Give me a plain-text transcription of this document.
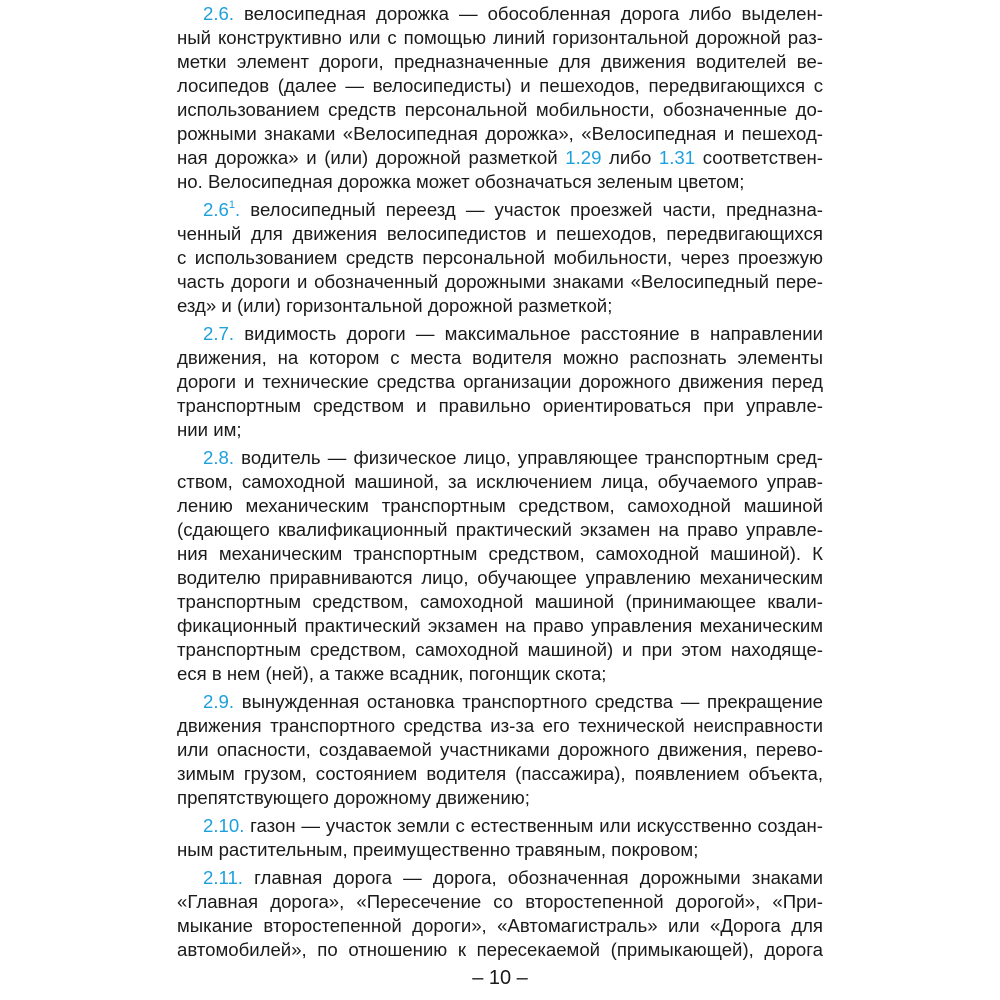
2.6. велосипедная дорожка — обособленная дорога либо выделен-
ный конструктивно или с помощью линий горизонтальной дорожной раз-
метки элемент дороги, предназначенные для движения водителей ве-
лосипедов (далее — велосипедисты) и пешеходов, передвигающихся с
использованием средств персональной мобильности, обозначенные до-
рожными знаками «Велосипедная дорожка», «Велосипедная и пешеход-
ная дорожка» и (или) дорожной разметкой 1.29 либо 1.31 соответствен-
но. Велосипедная дорожка может обозначаться зеленым цветом;
$2.6^1$. велосипедный переезд — участок проезжей части, предназна-
ченный для движения велосипедистов и пешеходов, передвигающихся
с использованием средств персональной мобильности, через проезжую
часть дороги и обозначенный дорожными знаками «Велосипедный пере-
езд» и (или) горизонтальной дорожной разметкой;
2.7. видимость дороги — максимальное расстояние в направлении
движения, на котором с места водителя можно распознать элементы
дороги и технические средства организации дорожного движения перед
транспортным средством и правильно ориентироваться при управле-
нии им;
2.8. водитель — физическое лицо, управляющее транспортным сред-
ством, самоходной машиной, за исключением лица, обучаемого управ-
лению механическим транспортным средством, самоходной машиной
(сдающего квалификационный практический экзамен на право управле-
ния механическим транспортным средством, самоходной машиной). К
водителю приравниваются лицо, обучающее управлению механическим
транспортным средством, самоходной машиной (принимающее квали-
фикационный практический экзамен на право управления механическим
транспортным средством, самоходной машиной) и при этом находяще-
еся в нем (ней), а также всадник, погонщик скота;
2.9. вынужденная остановка транспортного средства — прекращение
движения транспортного средства из-за его технической неисправности
или опасности, создаваемой участниками дорожного движения, перево-
зимым грузом, состоянием водителя (пассажира), появлением объекта,
препятствующего дорожному движению;
2.10. газон — участок земли с естественным или искусственно создан-
ным растительным, преимущественно травяным, покровом;
2.11. главная дорога — дорога, обозначенная дорожными знаками
«Главная дорога», «Пересечение со второстепенной дорогой», «При-
мыкание второстепенной дороги», «Автомагистраль» или «Дорога для
автомобилей», по отношению к пересекаемой (примыкающей), дорога
– 10 –
